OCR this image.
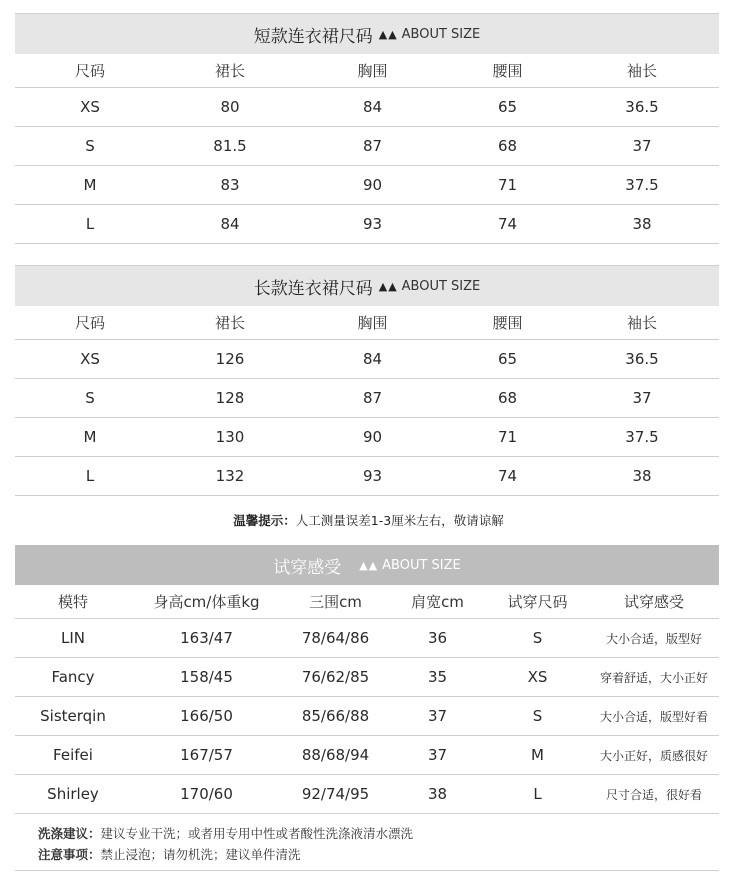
短款连衣裙尺码 ▲▲ ABOUT SIZE
尺码	裙长	胸围	腰围	袖长
XS	80	84	65	36.5
S	81.5	87	68	37
M	83	90	71	37.5
L	84	93	74	38
长款连衣裙尺码 ▲▲ ABOUT SIZE
尺码	裙长	胸围	腰围	袖长
XS	126	84	65	36.5
S	128	87	68	37
M	130	90	71	37.5
L	132	93	74	38
温馨提示：人工测量误差1-3厘米左右，敬请谅解
试穿感受 ▲▲ ABOUT SIZE
模特	身高cm/体重kg	三围cm	肩宽cm	试穿尺码	试穿感受
LIN	163/47	78/64/86	36	S	大小合适，版型好
Fancy	158/45	76/62/85	35	XS	穿着舒适，大小正好
Sisterqin	166/50	85/66/88	37	S	大小合适，版型好看
Feifei	167/57	88/68/94	37	M	大小正好，质感很好
Shirley	170/60	92/74/95	38	L	尺寸合适，很好看
洗涤建议：建议专业干洗；或者用专用中性或者酸性洗涤液清水漂洗
注意事项：禁止浸泡；请勿机洗；建议单件清洗
